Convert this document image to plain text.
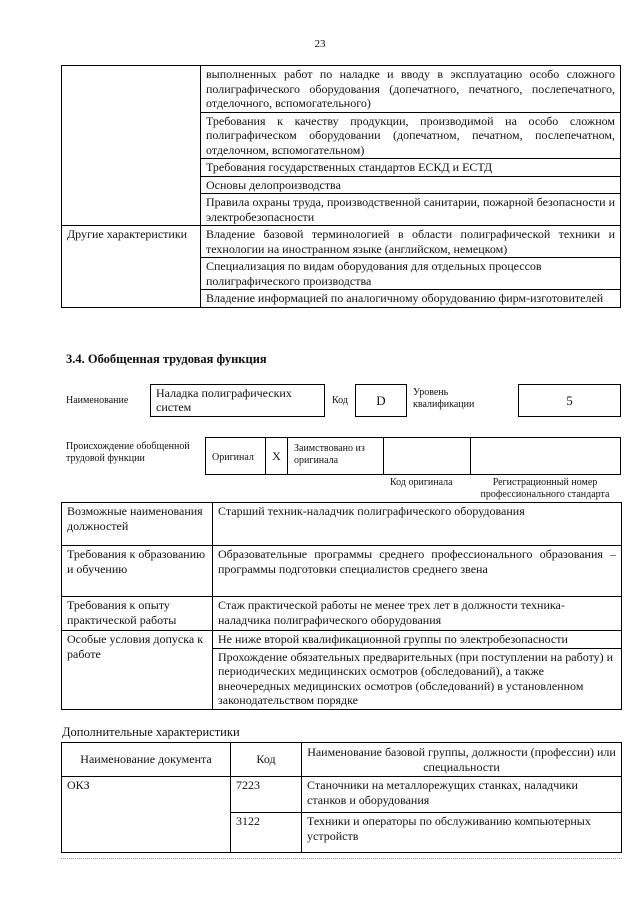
23
	выполненных работ по наладке и вводу в эксплуатацию особо сложного полиграфического оборудования (допечатного, печатного, послепечатного, отделочного, вспомогательного)
	Требования к качеству продукции, производимой на особо сложном полиграфическом оборудовании (допечатном, печатном, послепечатном, отделочном, вспомогательном)
	Требования государственных стандартов ЕСКД и ЕСТД
	Основы делопроизводства
	Правила охраны труда, производственной санитарии, пожарной безопасности и электробезопасности
Другие характеристики	Владение базовой терминологией в области полиграфической техники и технологии на иностранном языке (английском, немецком)
	Специализация по видам оборудования для отдельных процессов полиграфического производства
	Владение информацией по аналогичному оборудованию фирм-изготовителей
3.4. Обобщенная трудовая функция
Наименование
Наладка полиграфических систем	Код	D
Уровень квалификации	5
Происхождение обобщенной трудовой функции	Оригинал	X
Заимствовано из оригинала
Код оригинала	Регистрационный номер профессионального стандарта
Возможные наименования должностей	Старший техник-наладчик полиграфического оборудования
Требования к образованию и обучению	Образовательные программы среднего профессионального образования – программы подготовки специалистов среднего звена
Требования к опыту практической работы	Стаж практической работы не менее трех лет в должности техника-наладчика полиграфического оборудования
Особые условия допуска к работе	Не ниже второй квалификационной группы по электробезопасности
	Прохождение обязательных предварительных (при поступлении на работу) и периодических медицинских осмотров (обследований), а также внеочередных медицинских осмотров (обследований) в установленном законодательством порядке
Дополнительные характеристики
Наименование документа	Код	Наименование базовой группы, должности (профессии) или специальности
ОКЗ	7223	Станочники на металлорежущих станках, наладчики станков и оборудования
	3122	Техники и операторы по обслуживанию компьютерных устройств
